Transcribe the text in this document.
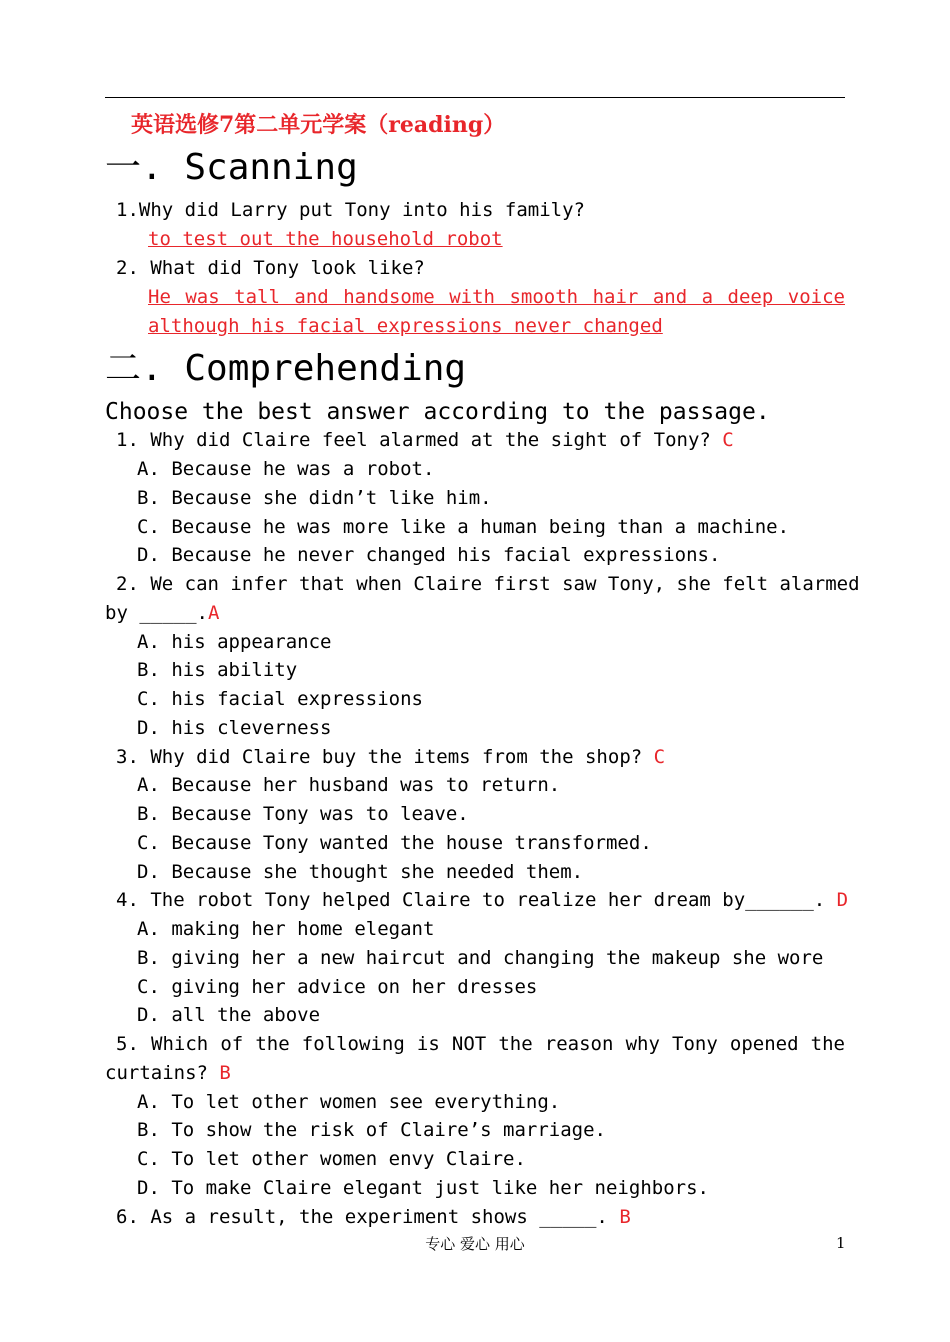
英语选修7第二单元学案（reading）
一. Scanning
1.Why did Larry put Tony into his family?
to test out the household robot
2. What did Tony look like?
He was tall and handsome with smooth hair and a deep voice
although his facial expressions never changed
二. Comprehending
Choose the best answer according to the passage.
1. Why did Claire feel alarmed at the sight of Tony? C
A. Because he was a robot.
B. Because she didn’t like him.
C. Because he was more like a human being than a machine.
D. Because he never changed his facial expressions.
2. We can infer that when Claire first saw Tony, she felt alarmed
by _____.A
A. his appearance
B. his ability
C. his facial expressions
D. his cleverness
3. Why did Claire buy the items from the shop? C
A. Because her husband was to return.
B. Because Tony was to leave.
C. Because Tony wanted the house transformed.
D. Because she thought she needed them.
4. The robot Tony helped Claire to realize her dream by______. D
A. making her home elegant
B. giving her a new haircut and changing the makeup she wore
C. giving her advice on her dresses
D. all the above
5. Which of the following is NOT the reason why Tony opened the
curtains? B
A. To let other women see everything.
B. To show the risk of Claire’s marriage.
C. To let other women envy Claire.
D. To make Claire elegant just like her neighbors.
6. As a result, the experiment shows _____. B
专心 爱心 用心	1
